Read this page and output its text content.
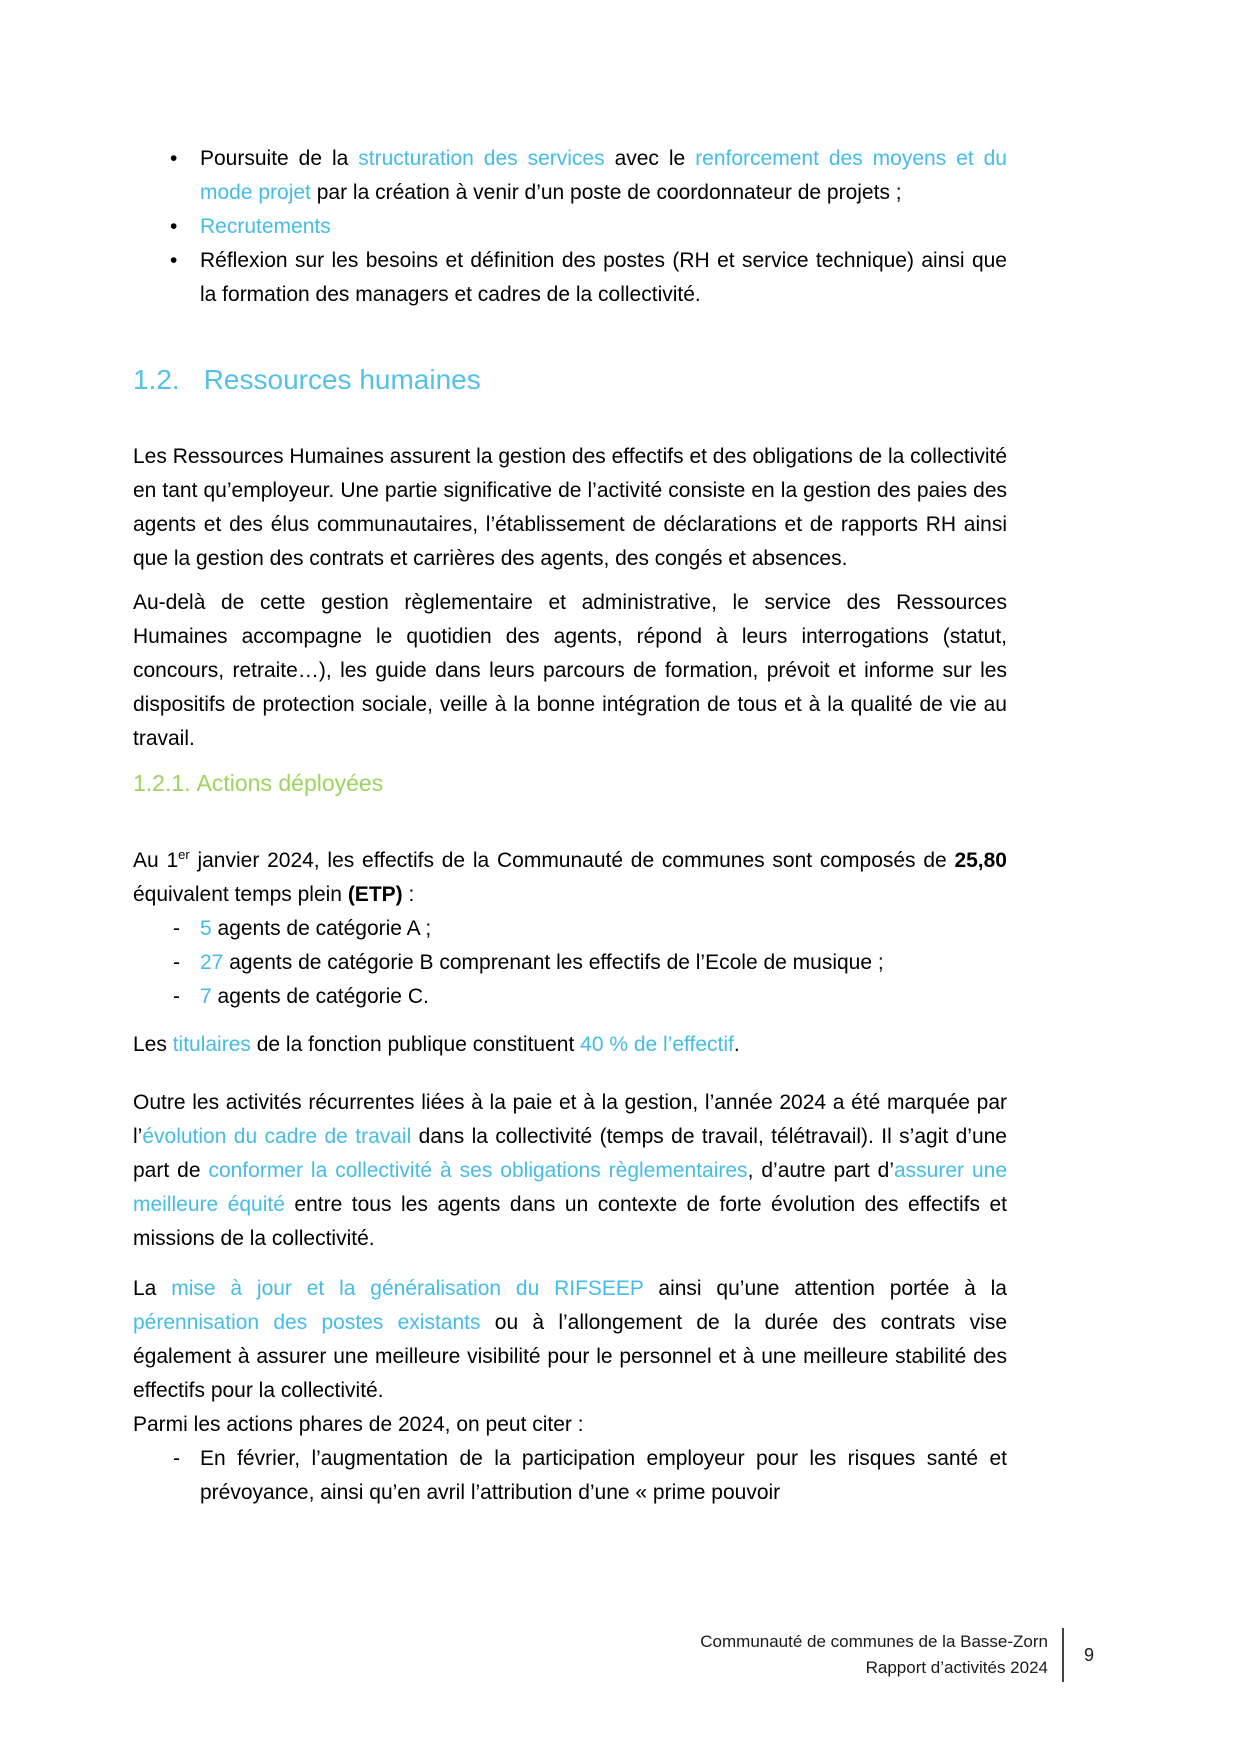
• Poursuite de la structuration des services avec le renforcement des moyens et du mode projet par la création à venir d’un poste de coordonnateur de projets ;
• Recrutements
• Réflexion sur les besoins et définition des postes (RH et service technique) ainsi que la formation des managers et cadres de la collectivité.
1.2. Ressources humaines

Les Ressources Humaines assurent la gestion des effectifs et des obligations de la collectivité en tant qu’employeur. Une partie significative de l’activité consiste en la gestion des paies des agents et des élus communautaires, l’établissement de déclarations et de rapports RH ainsi que la gestion des contrats et carrières des agents, des congés et absences.

Au-delà de cette gestion règlementaire et administrative, le service des Ressources Humaines accompagne le quotidien des agents, répond à leurs interrogations (statut, concours, retraite…), les guide dans leurs parcours de formation, prévoit et informe sur les dispositifs de protection sociale, veille à la bonne intégration de tous et à la qualité de vie au travail.

1.2.1. Actions déployées

Au 1er janvier 2024, les effectifs de la Communauté de communes sont composés de 25,80 équivalent temps plein (ETP) :

- 5 agents de catégorie A ;
- 27 agents de catégorie B comprenant les effectifs de l’Ecole de musique ;
- 7 agents de catégorie C.

Les titulaires de la fonction publique constituent 40 % de l’effectif.

Outre les activités récurrentes liées à la paie et à la gestion, l’année 2024 a été marquée par l’évolution du cadre de travail dans la collectivité (temps de travail, télétravail). Il s’agit d’une part de conformer la collectivité à ses obligations règlementaires, d’autre part d’assurer une meilleure équité entre tous les agents dans un contexte de forte évolution des effectifs et missions de la collectivité.

La mise à jour et la généralisation du RIFSEEP ainsi qu’une attention portée à la pérennisation des postes existants ou à l’allongement de la durée des contrats vise également à assurer une meilleure visibilité pour le personnel et à une meilleure stabilité des effectifs pour la collectivité.

Parmi les actions phares de 2024, on peut citer :

- En février, l’augmentation de la participation employeur pour les risques santé et prévoyance, ainsi qu’en avril l’attribution d’une « prime pouvoir
Communauté de communes de la Basse-Zorn
Rapport d’activités 2024
9
